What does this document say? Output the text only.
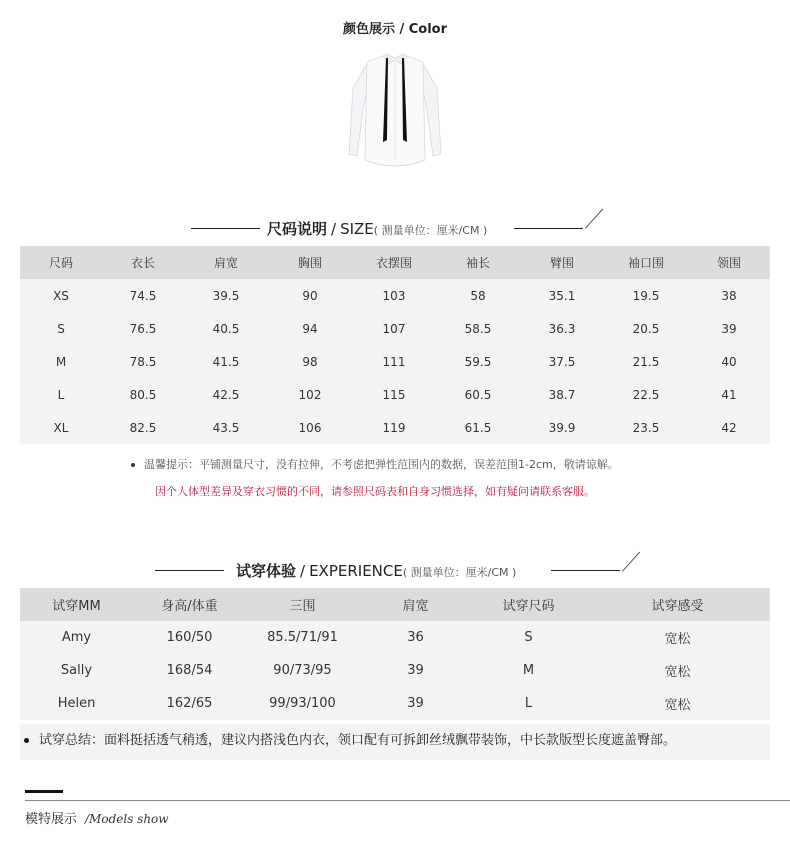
颜色展示 / Color
尺码说明 / SIZE( 测量单位：厘米/CM )
尺码	衣长	肩宽	胸围	衣摆围	袖长	臂围	袖口围	领围
XS	74.5	39.5	90	103	58	35.1	19.5	38
S	76.5	40.5	94	107	58.5	36.3	20.5	39
M	78.5	41.5	98	111	59.5	37.5	21.5	40
L	80.5	42.5	102	115	60.5	38.7	22.5	41
XL	82.5	43.5	106	119	61.5	39.9	23.5	42
温馨提示：平铺测量尺寸，没有拉伸，不考虑把弹性范围内的数据，误差范围1-2cm，敬请谅解。
因个人体型差异及穿衣习惯的不同，请参照尺码表和自身习惯选择，如有疑问请联系客服。
试穿体验 / EXPERIENCE( 测量单位：厘米/CM )
试穿MM	身高/体重	三围	肩宽	试穿尺码	试穿感受
Amy	160/50	85.5/71/91	36	S	宽松
Sally	168/54	90/73/95	39	M	宽松
Helen	162/65	99/93/100	39	L	宽松
试穿总结：面料挺括透气稍透，建议内搭浅色内衣，领口配有可拆卸丝绒飘带装饰，中长款版型长度遮盖臀部。
模特展示 /Models show
